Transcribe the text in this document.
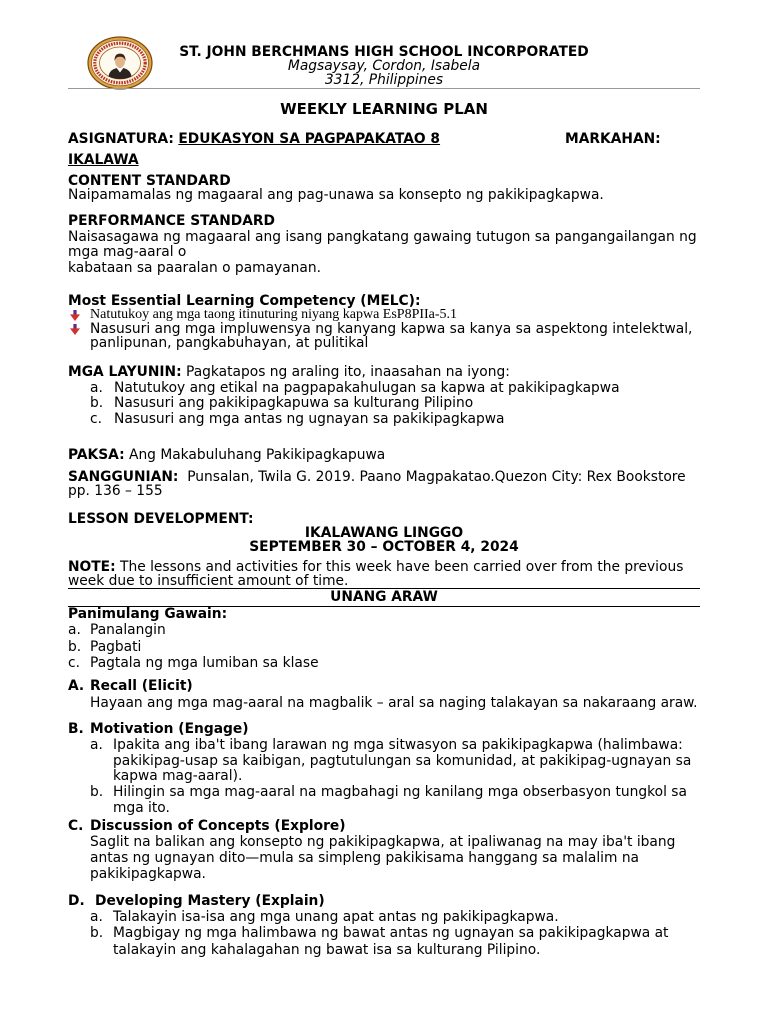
ST. JOHN BERCHMANS HIGH SCHOOL INCORPORATED
Magsaysay, Cordon, Isabela
3312, Philippines
WEEKLY LEARNING PLAN
ASIGNATURA: EDUKASYON SA PAGPAPAKATAO 8	MARKAHAN:
IKALAWA
CONTENT STANDARD
Naipamamalas ng magaaral ang pag-unawa sa konsepto ng pakikipagkapwa.
PERFORMANCE STANDARD
Naisasagawa ng magaaral ang isang pangkatang gawaing tutugon sa pangangailangan ng
mga mag-aaral o
kabataan sa paaralan o pamayanan.
Most Essential Learning Competency (MELC):
Natutukoy ang mga taong itinuturing niyang kapwa EsP8PIIa-5.1
Nasusuri ang mga impluwensya ng kanyang kapwa sa kanya sa aspektong intelektwal,
panlipunan, pangkabuhayan, at pulitikal
MGA LAYUNIN: Pagkatapos ng araling ito, inaasahan na iyong:
a. Natutukoy ang etikal na pagpapakahulugan sa kapwa at pakikipagkapwa
b. Nasusuri ang pakikipagkapuwa sa kulturang Pilipino
c. Nasusuri ang mga antas ng ugnayan sa pakikipagkapwa
PAKSA: Ang Makabuluhang Pakikipagkapuwa
SANGGUNIAN: Punsalan, Twila G. 2019. Paano Magpakatao.Quezon City: Rex Bookstore
pp. 136 – 155
LESSON DEVELOPMENT:
IKALAWANG LINGGO
SEPTEMBER 30 – OCTOBER 4, 2024
NOTE: The lessons and activities for this week have been carried over from the previous
week due to insufficient amount of time.
UNANG ARAW
Panimulang Gawain:
a. Panalangin
b. Pagbati
c. Pagtala ng mga lumiban sa klase
A. Recall (Elicit)
Hayaan ang mga mag-aaral na magbalik – aral sa naging talakayan sa nakaraang araw.
B. Motivation (Engage)
a. Ipakita ang iba't ibang larawan ng mga sitwasyon sa pakikipagkapwa (halimbawa:
pakikipag-usap sa kaibigan, pagtutulungan sa komunidad, at pakikipag-ugnayan sa
kapwa mag-aaral).
b. Hilingin sa mga mag-aaral na magbahagi ng kanilang mga obserbasyon tungkol sa
mga ito.
C. Discussion of Concepts (Explore)
Saglit na balikan ang konsepto ng pakikipagkapwa, at ipaliwanag na may iba't ibang
antas ng ugnayan dito—mula sa simpleng pakikisama hanggang sa malalim na
pakikipagkapwa.
D. Developing Mastery (Explain)
a. Talakayin isa-isa ang mga unang apat antas ng pakikipagkapwa.
b. Magbigay ng mga halimbawa ng bawat antas ng ugnayan sa pakikipagkapwa at
talakayin ang kahalagahan ng bawat isa sa kulturang Pilipino.
